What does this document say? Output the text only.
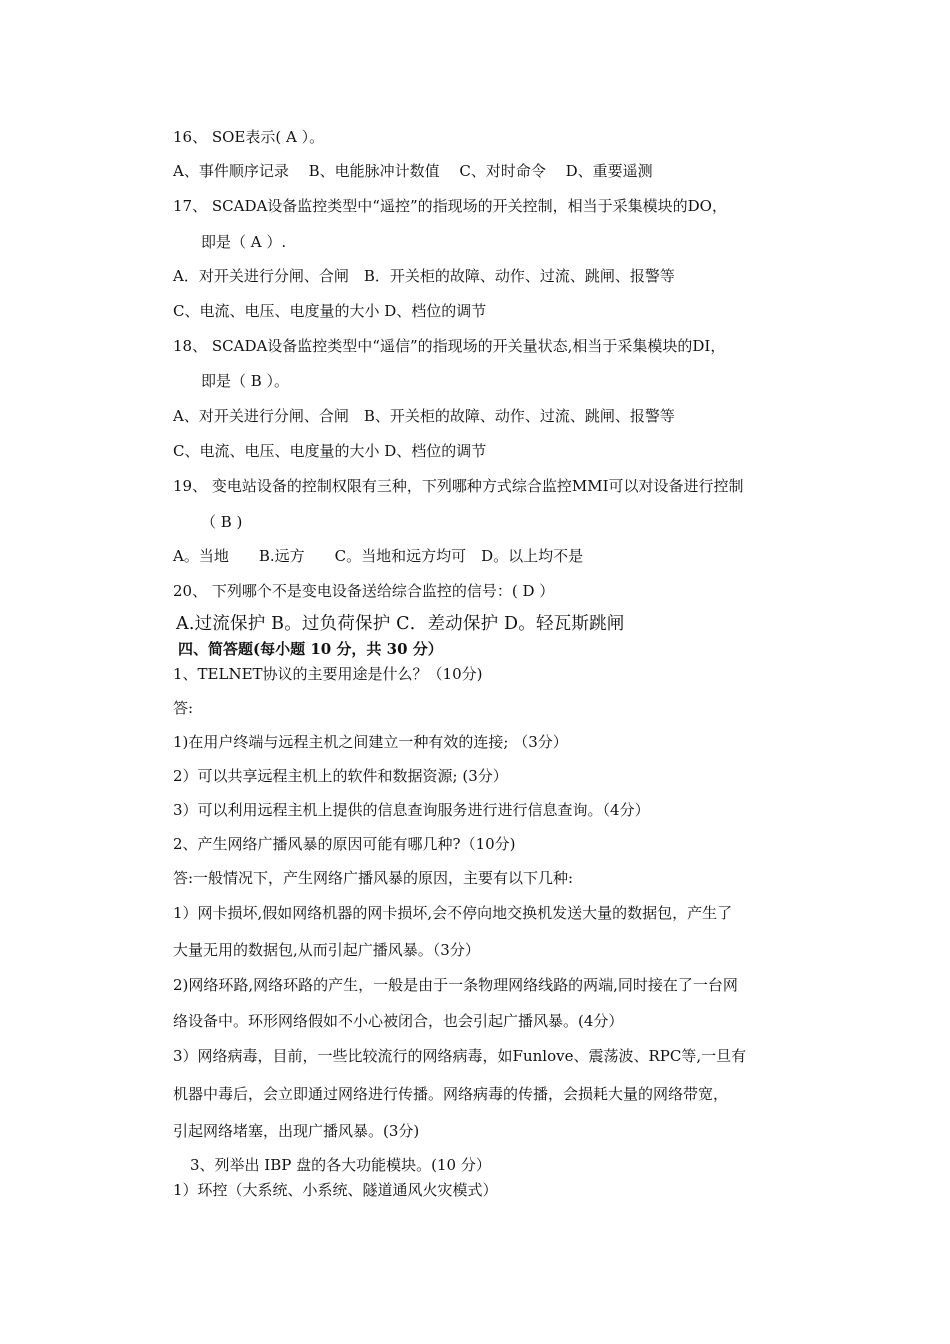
16、 SOE表示( A ）。
A、事件顺序记录　 B、电能脉冲计数值　 C、对时命令　 D、重要遥测
17、 SCADA设备监控类型中“遥控”的指现场的开关控制，相当于采集模块的DO，
即是（ A ）.
A．对开关进行分闸、合闸　B．开关柜的故障、动作、过流、跳闸、报警等
C、电流、电压、电度量的大小 D、档位的调节
18、 SCADA设备监控类型中“遥信”的指现场的开关量状态,相当于采集模块的DI，
即是（ B ）。
A、对开关进行分闸、合闸　B、开关柜的故障、动作、过流、跳闸、报警等
C、电流、电压、电度量的大小 D、档位的调节
19、 变电站设备的控制权限有三种，下列哪种方式综合监控MMI可以对设备进行控制
（ B )
A。当地　　B.远方　　C。当地和远方均可　D。以上均不是
20、 下列哪个不是变电设备送给综合监控的信号：( D ）
A.过流保护 B。过负荷保护 C．差动保护 D。轻瓦斯跳闸
四、简答题(每小题 10 分，共 30 分）
1、TELNET协议的主要用途是什么？（10分)
答:
1)在用户终端与远程主机之间建立一种有效的连接; （3分）
2）可以共享远程主机上的软件和数据资源; (3分）
3）可以利用远程主机上提供的信息查询服务进行进行信息查询。（4分）
2、产生网络广播风暴的原因可能有哪几种?（10分)
答:一般情况下，产生网络广播风暴的原因，主要有以下几种:
1）网卡损坏,假如网络机器的网卡损坏,会不停向地交换机发送大量的数据包，产生了
大量无用的数据包,从而引起广播风暴。（3分）
2)网络环路,网络环路的产生，一般是由于一条物理网络线路的两端,同时接在了一台网
络设备中。环形网络假如不小心被闭合，也会引起广播风暴。(4分）
3）网络病毒，目前，一些比较流行的网络病毒，如Funlove、震荡波、RPC等,一旦有
机器中毒后，会立即通过网络进行传播。网络病毒的传播，会损耗大量的网络带宽，
引起网络堵塞，出现广播风暴。(3分)
3、列举出 IBP 盘的各大功能模块。(10 分）
1）环控（大系统、小系统、隧道通风火灾模式）
